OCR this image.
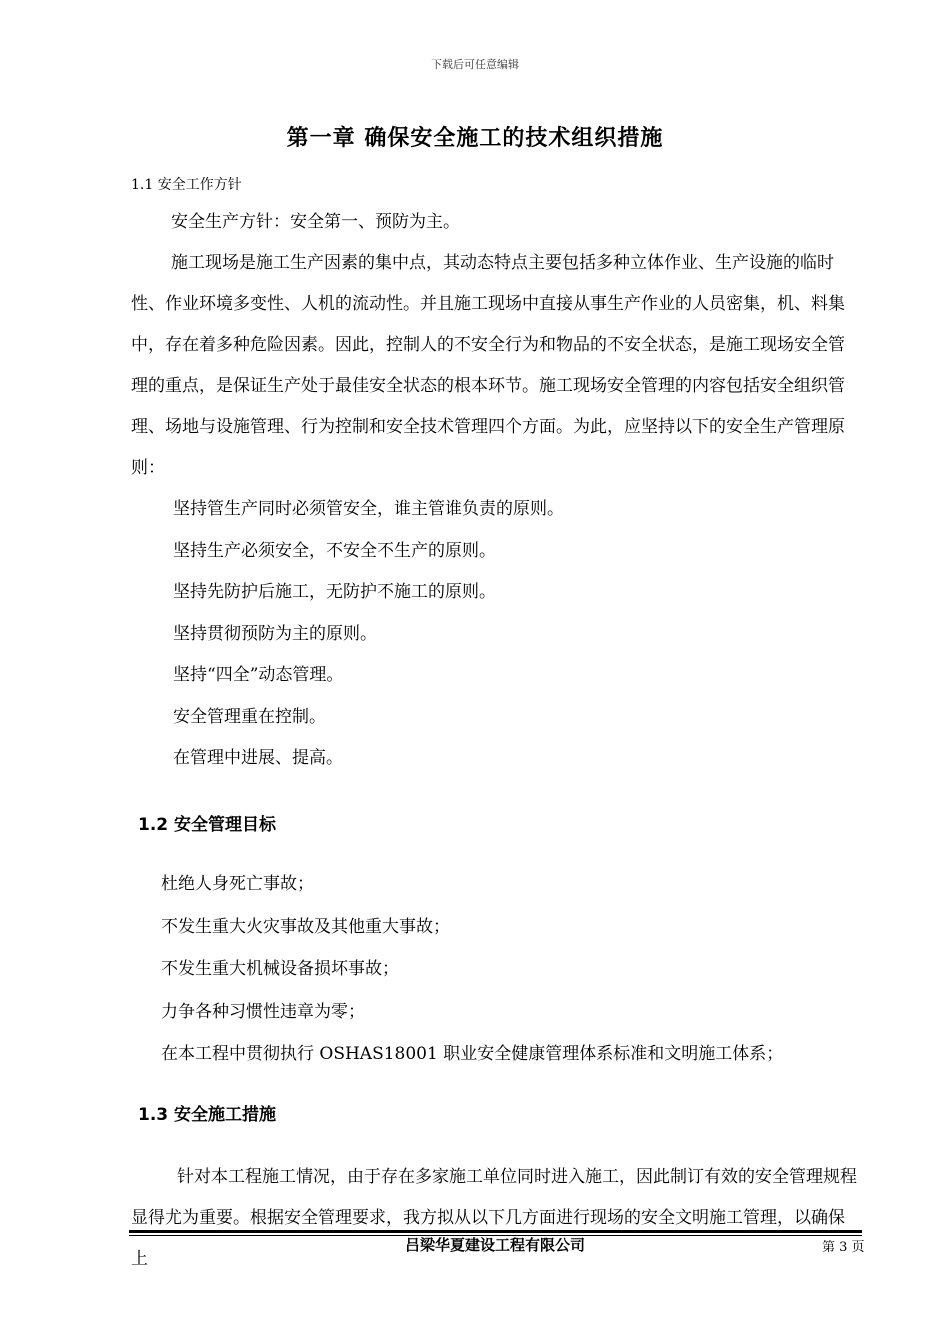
下载后可任意编辑
第一章 确保安全施工的技术组织措施
1.1 安全工作方针

安全生产方针：安全第一、预防为主。

施工现场是施工生产因素的集中点，其动态特点主要包括多种立体作业、生产设施的临时性、作业环境多变性、人机的流动性。并且施工现场中直接从事生产作业的人员密集，机、料集中，存在着多种危险因素。因此，控制人的不安全行为和物品的不安全状态，是施工现场安全管理的重点，是保证生产处于最佳安全状态的根本环节。施工现场安全管理的内容包括安全组织管理、场地与设施管理、行为控制和安全技术管理四个方面。为此，应坚持以下的安全生产管理原则：

坚持管生产同时必须管安全，谁主管谁负责的原则。
坚持生产必须安全，不安全不生产的原则。
坚持先防护后施工，无防护不施工的原则。
坚持贯彻预防为主的原则。
坚持“四全”动态管理。
安全管理重在控制。
在管理中进展、提高。
1.2 安全管理目标
杜绝人身死亡事故；
不发生重大火灾事故及其他重大事故；
不发生重大机械设备损坏事故；
力争各种习惯性违章为零；
在本工程中贯彻执行 OSHAS18001 职业安全健康管理体系标准和文明施工体系；
1.3 安全施工措施

针对本工程施工情况，由于存在多家施工单位同时进入施工，因此制订有效的安全管理规程显得尤为重要。根据安全管理要求，我方拟从以下几方面进行现场的安全文明施工管理，以确保上

吕梁华夏建设工程有限公司	第 3 页
